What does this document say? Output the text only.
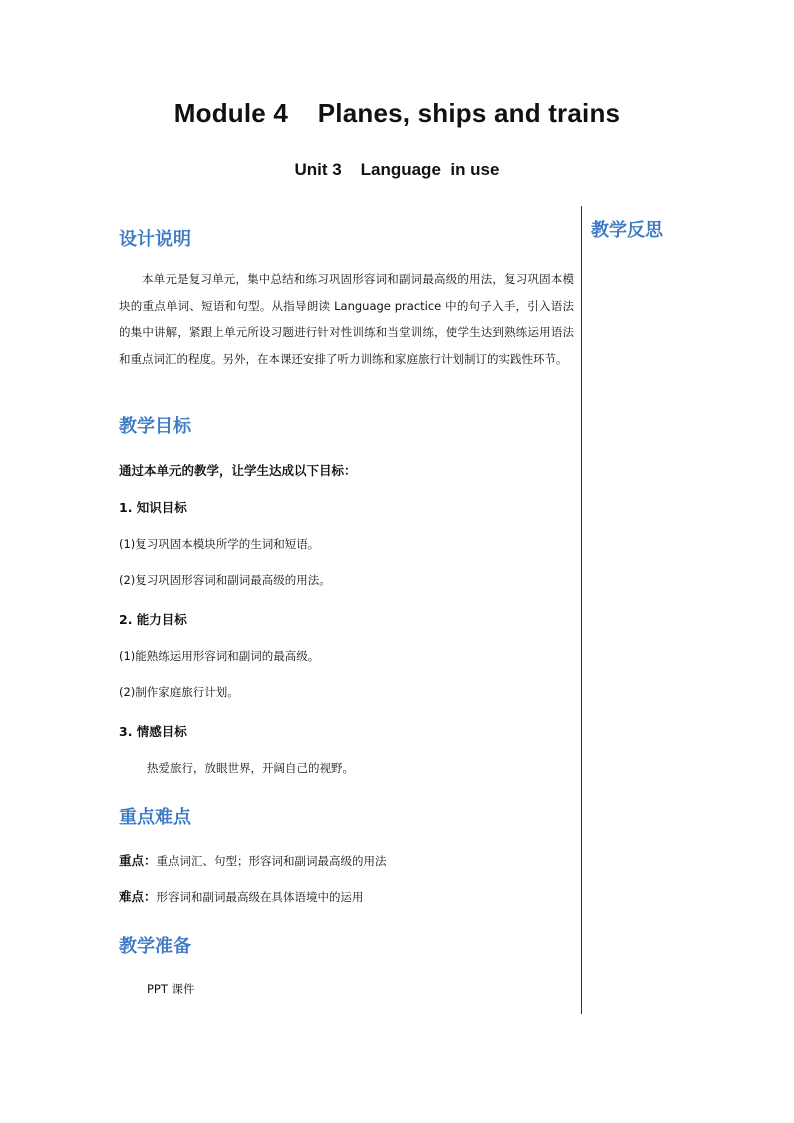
Module 4    Planes, ships and trains
Unit 3    Language  in use
教学反思
设计说明
本单元是复习单元，集中总结和练习巩固形容词和副词最高级的用法，复习巩固本模块的重点单词、短语和句型。从指导朗读 Language practice 中的句子入手，引入语法的集中讲解，紧跟上单元所设习题进行针对性训练和当堂训练，使学生达到熟练运用语法和重点词汇的程度。另外，在本课还安排了听力训练和家庭旅行计划制订的实践性环节。
教学目标
通过本单元的教学，让学生达成以下目标：
1. 知识目标
(1)复习巩固本模块所学的生词和短语。
(2)复习巩固形容词和副词最高级的用法。
2. 能力目标
(1)能熟练运用形容词和副词的最高级。
(2)制作家庭旅行计划。
3. 情感目标
热爱旅行，放眼世界，开阔自己的视野。
重点难点
重点：重点词汇、句型；形容词和副词最高级的用法
难点：形容词和副词最高级在具体语境中的运用
教学准备
PPT 课件
